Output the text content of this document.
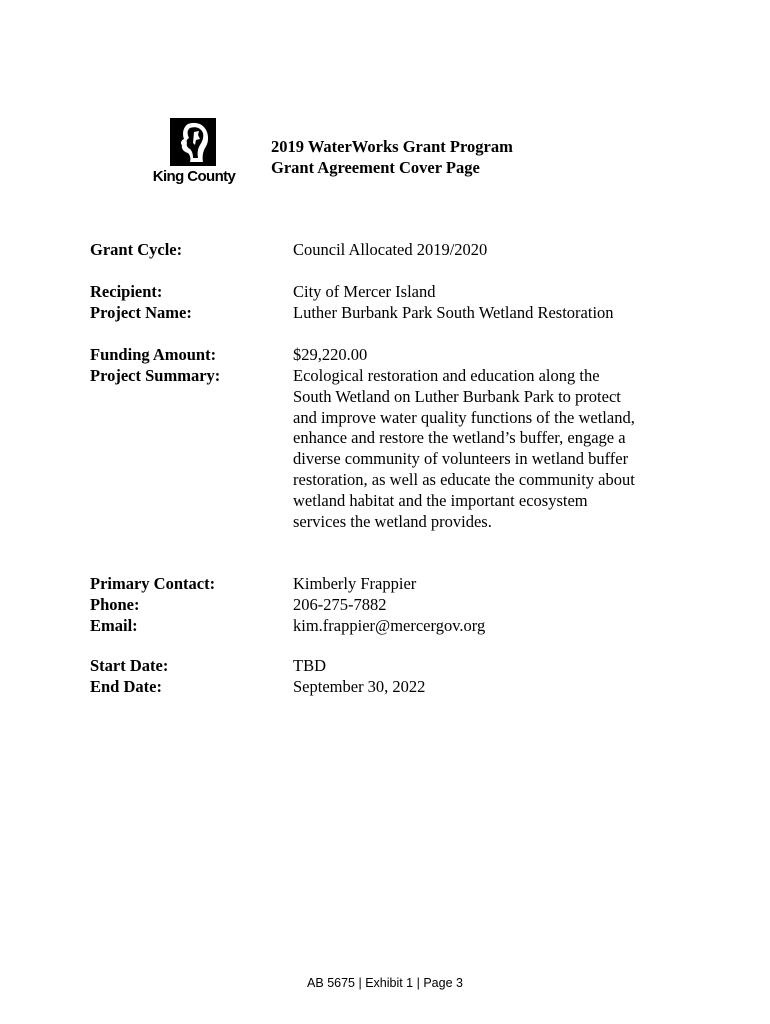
King County
2019 WaterWorks Grant Program
Grant Agreement Cover Page
Grant Cycle:	Council Allocated 2019/2020
Recipient:	City of Mercer Island
Project Name:	Luther Burbank Park South Wetland Restoration
Funding Amount:	$29,220.00
Project Summary:	Ecological restoration and education along the
South Wetland on Luther Burbank Park to protect
and improve water quality functions of the wetland,
enhance and restore the wetland’s buffer, engage a
diverse community of volunteers in wetland buffer
restoration, as well as educate the community about
wetland habitat and the important ecosystem
services the wetland provides.
Primary Contact:	Kimberly Frappier
Phone:	206-275-7882
Email:	kim.frappier@mercergov.org
Start Date:	TBD
End Date:	September 30, 2022
AB 5675 | Exhibit 1 | Page 3
